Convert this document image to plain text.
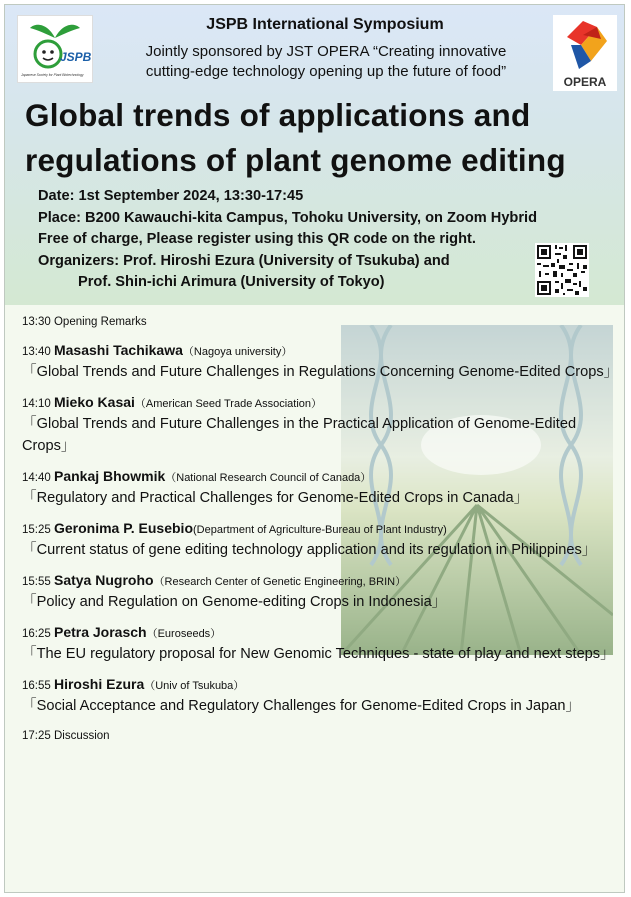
JSPB
Japanese Society for Plant Biotechnology
JSPB International Symposium
Jointly sponsored by JST OPERA “Creating innovative
cutting-edge technology opening up the future of food”
OPERA
Global trends of applications and
regulations of plant genome editing
Date: 1st September 2024, 13:30-17:45
Place: B200 Kawauchi-kita Campus, Tohoku University, on Zoom Hybrid
Free of charge, Please register using this QR code on the right.
Organizers: Prof. Hiroshi Ezura (University of Tsukuba) and
Prof. Shin-ichi Arimura (University of Tokyo)
13:30 Opening Remarks
13:40 Masashi Tachikawa（Nagoya university）
「Global Trends and Future Challenges in Regulations Concerning Genome-Edited Crops」
14:10 Mieko Kasai（American Seed Trade Association）
「Global Trends and Future Challenges in the Practical Application of Genome-Edited Crops」
14:40 Pankaj Bhowmik（National Research Council of Canada）
「Regulatory and Practical Challenges for Genome-Edited Crops in Canada」
15:25 Geronima P. Eusebio(Department of Agriculture-Bureau of Plant Industry)
「Current status of gene editing technology application and its regulation in Philippines」
15:55 Satya Nugroho（Research Center of Genetic Engineering, BRIN）
「Policy and Regulation on Genome-editing Crops in Indonesia」
16:25 Petra Jorasch（Euroseeds）
「The EU regulatory proposal for New Genomic Techniques - state of play and next steps」
16:55 Hiroshi Ezura（Univ of Tsukuba）
「Social Acceptance and Regulatory Challenges for Genome-Edited Crops in Japan」
17:25 Discussion
